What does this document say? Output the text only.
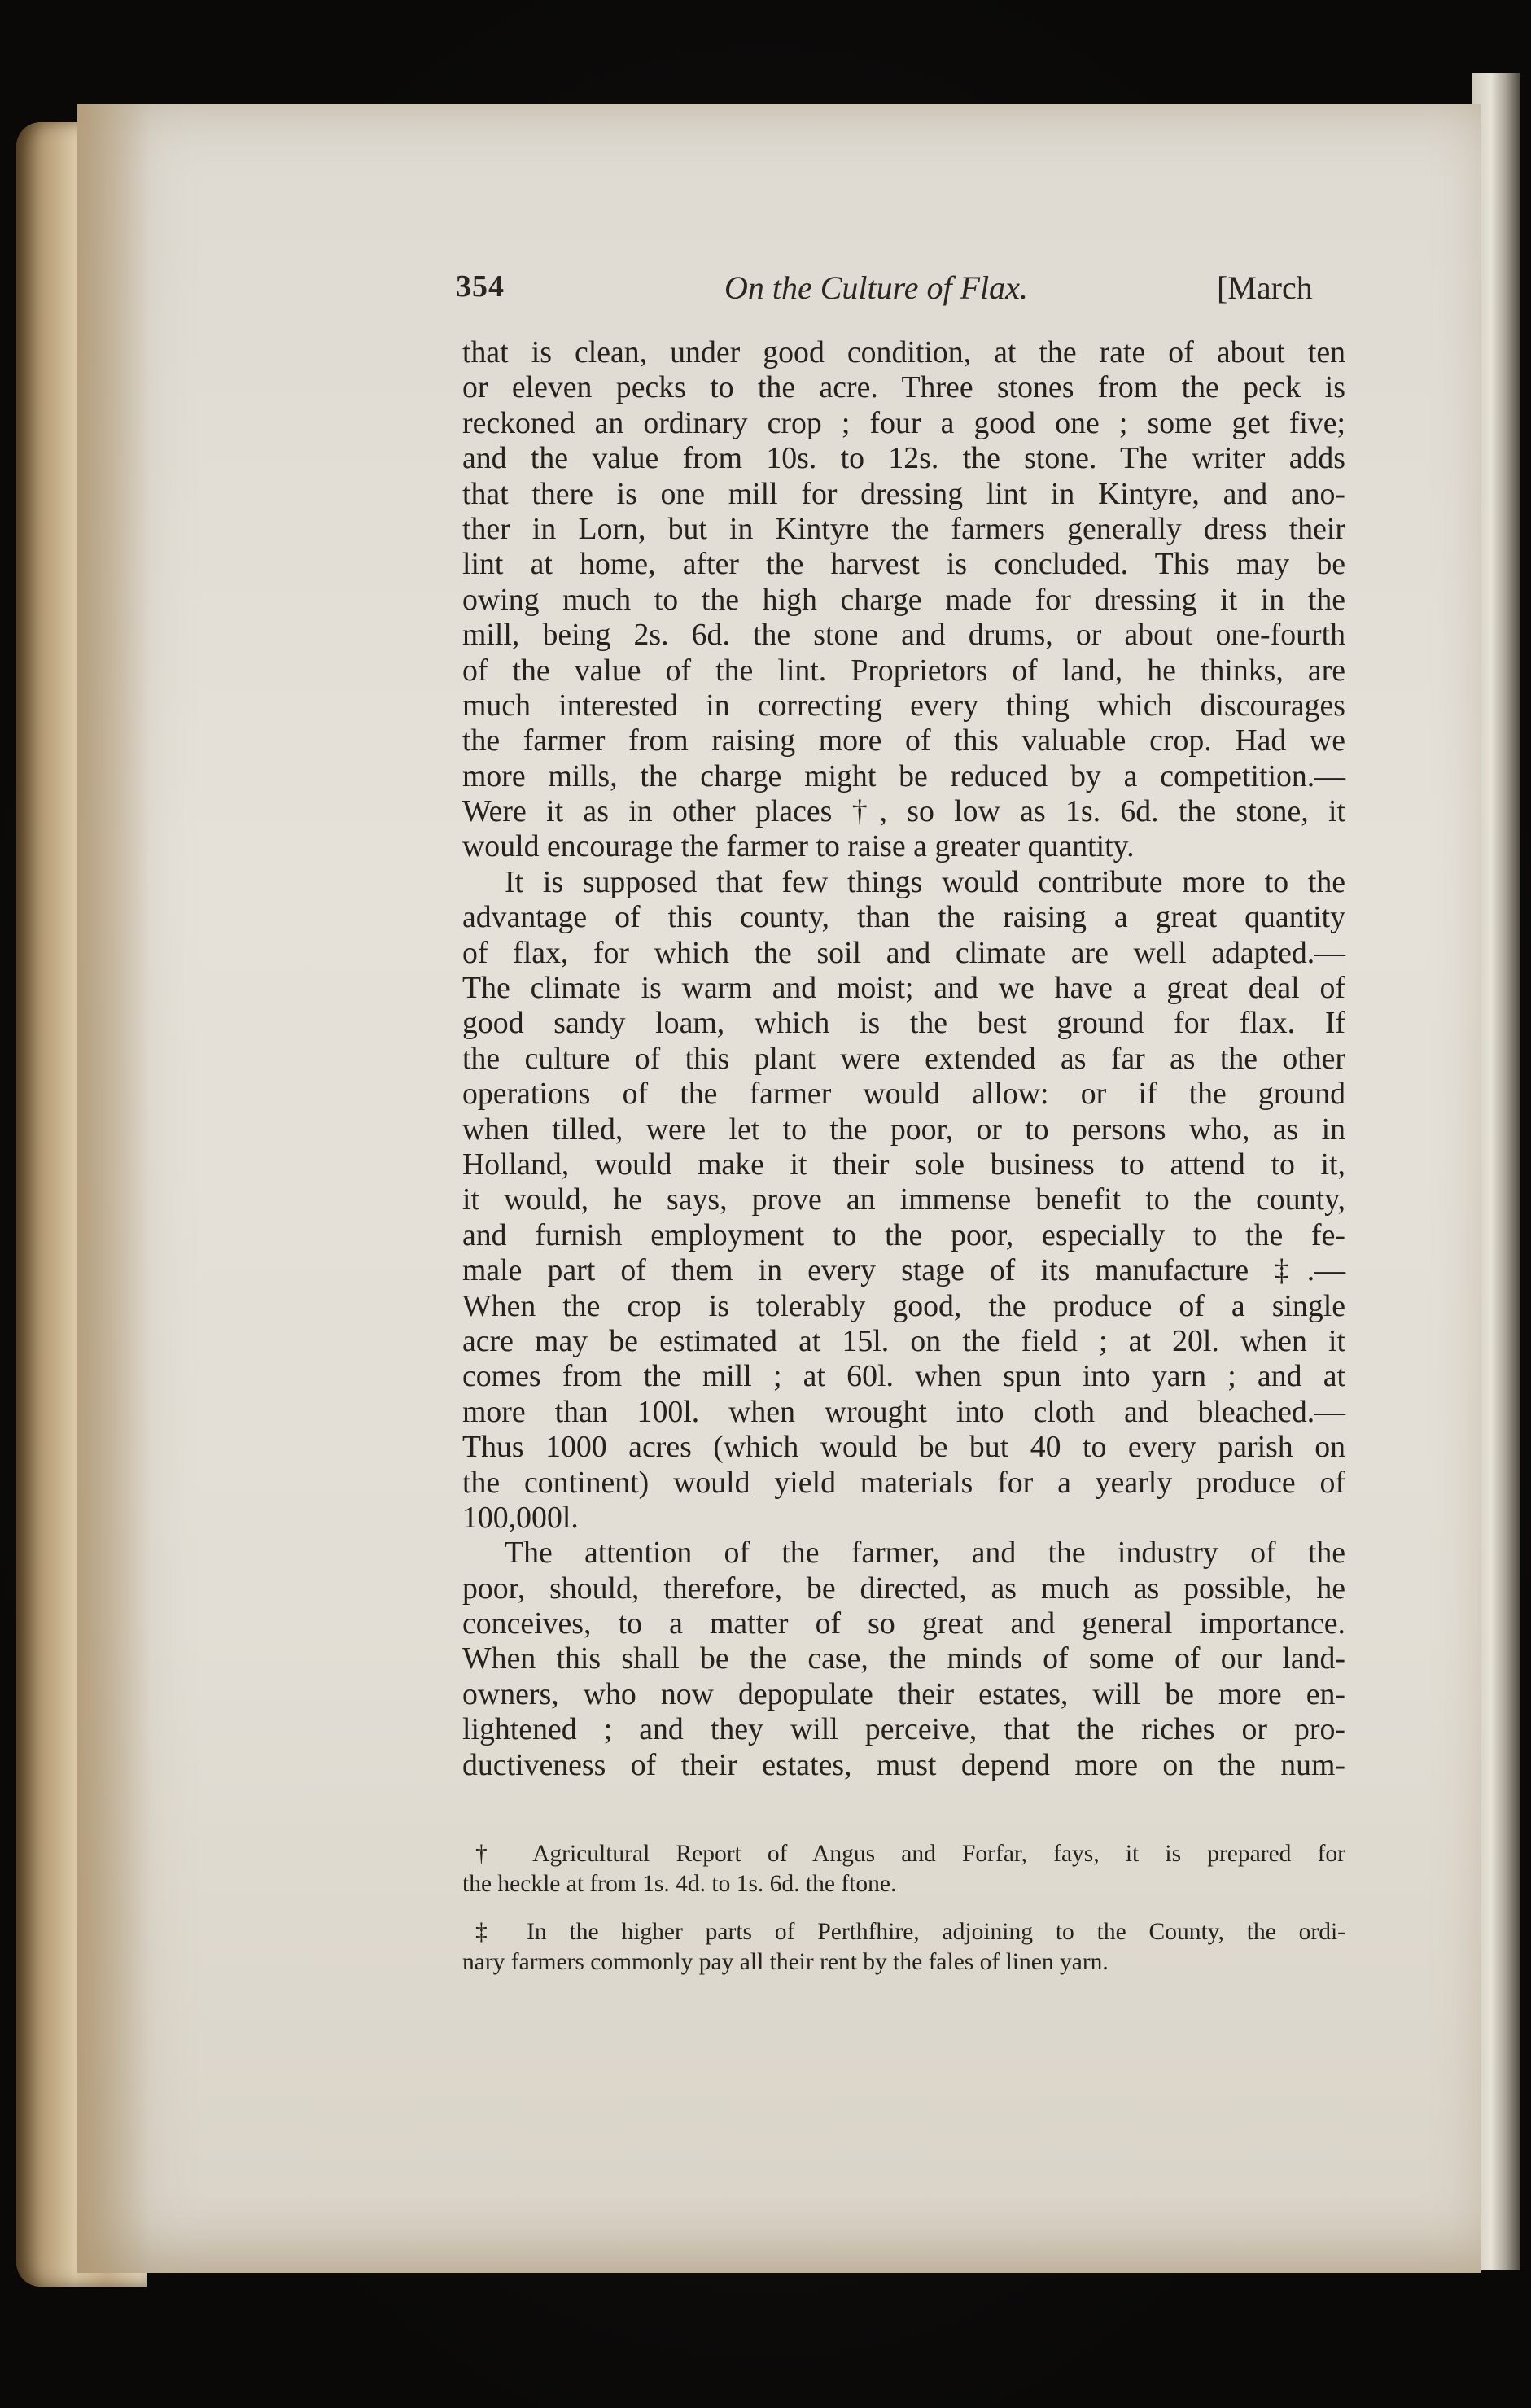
354	On the Culture of Flax.	[March
that is clean, under good condition, at the rate of about ten
or eleven pecks to the acre. Three stones from the peck is
reckoned an ordinary crop ; four a good one ; some get five;
and the value from 10s. to 12s. the stone. The writer adds
that there is one mill for dressing lint in Kintyre, and ano-
ther in Lorn, but in Kintyre the farmers generally dress their
lint at home, after the harvest is concluded. This may be
owing much to the high charge made for dressing it in the
mill, being 2s. 6d. the stone and drums, or about one-fourth
of the value of the lint. Proprietors of land, he thinks, are
much interested in correcting every thing which discourages
the farmer from raising more of this valuable crop. Had we
more mills, the charge might be reduced by a competition.—
Were it as in other places †, so low as 1s. 6d. the stone, it
would encourage the farmer to raise a greater quantity.
It is supposed that few things would contribute more to the
advantage of this county, than the raising a great quantity
of flax, for which the soil and climate are well adapted.—
The climate is warm and moist; and we have a great deal of
good sandy loam, which is the best ground for flax. If
the culture of this plant were extended as far as the other
operations of the farmer would allow: or if the ground
when tilled, were let to the poor, or to persons who, as in
Holland, would make it their sole business to attend to it,
it would, he says, prove an immense benefit to the county,
and furnish employment to the poor, especially to the fe-
male part of them in every stage of its manufacture ‡.—
When the crop is tolerably good, the produce of a single
acre may be estimated at 15l. on the field ; at 20l. when it
comes from the mill ; at 60l. when spun into yarn ; and at
more than 100l. when wrought into cloth and bleached.—
Thus 1000 acres (which would be but 40 to every parish on
the continent) would yield materials for a yearly produce of
100,000l.
The attention of the farmer, and the industry of the
poor, should, therefore, be directed, as much as possible, he
conceives, to a matter of so great and general importance.
When this shall be the case, the minds of some of our land-
owners, who now depopulate their estates, will be more en-
lightened ; and they will perceive, that the riches or pro-
ductiveness of their estates, must depend more on the num-
† Agricultural Report of Angus and Forfar, fays, it is prepared for
the heckle at from 1s. 4d. to 1s. 6d. the ftone.
‡ In the higher parts of Perthfhire, adjoining to the County, the ordi-
nary farmers commonly pay all their rent by the fales of linen yarn.
